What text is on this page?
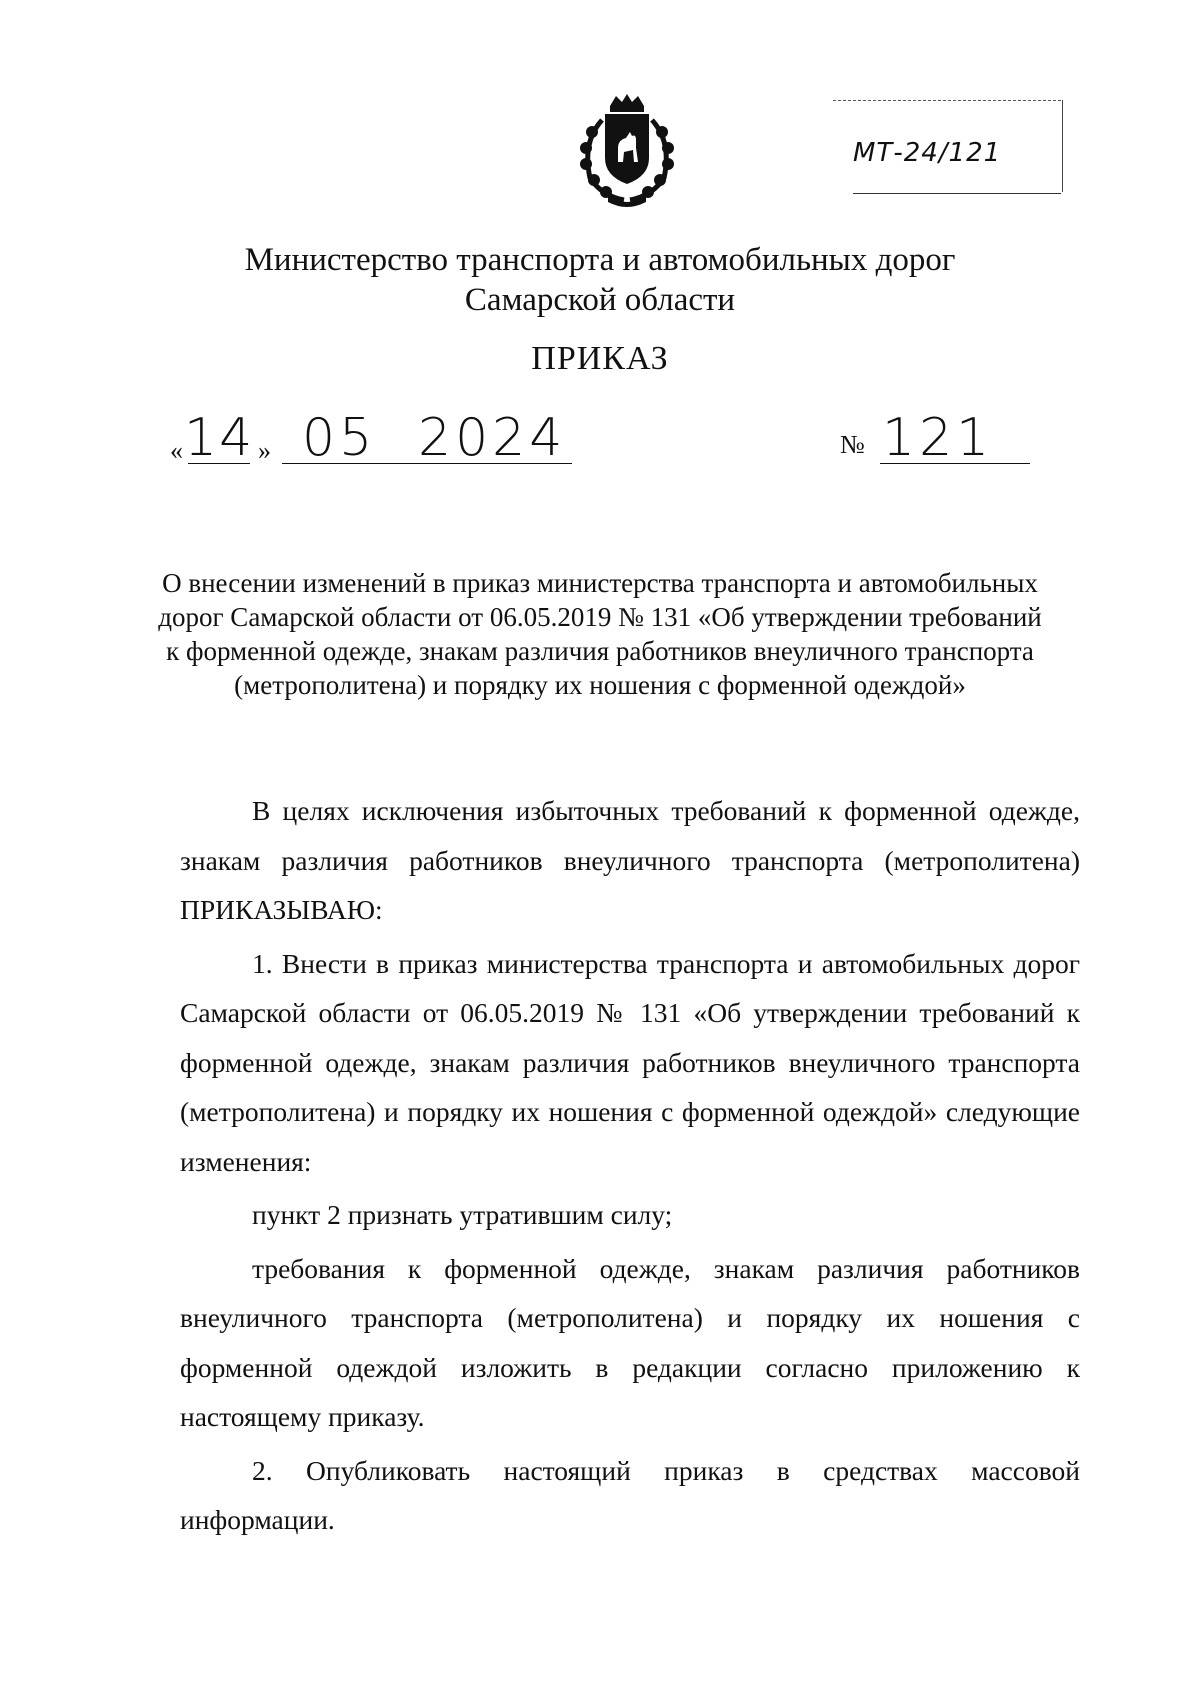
МТ-24/121
Министерство транспорта и автомобильных дорог
Самарской области
ПРИКАЗ
« 14 » 05 2024	№ 121
О внесении изменений в приказ министерства транспорта и автомобильных
дорог Самарской области от 06.05.2019 № 131 «Об утверждении требований
к форменной одежде, знакам различия работников внеуличного транспорта
(метрополитена) и порядку их ношения с форменной одеждой»

В целях исключения избыточных требований к форменной одежде, знакам различия работников внеуличного транспорта (метрополитена) ПРИКАЗЫВАЮ:

1. Внести в приказ министерства транспорта и автомобильных дорог Самарской области от 06.05.2019 № 131 «Об утверждении требований к форменной одежде, знакам различия работников внеуличного транспорта (метрополитена) и порядку их ношения с форменной одеждой» следующие изменения:

пункт 2 признать утратившим силу;

требования к форменной одежде, знакам различия работников внеуличного транспорта (метрополитена) и порядку их ношения с форменной одеждой изложить в редакции согласно приложению к настоящему приказу.

2. Опубликовать настоящий приказ в средствах массовой информации.
